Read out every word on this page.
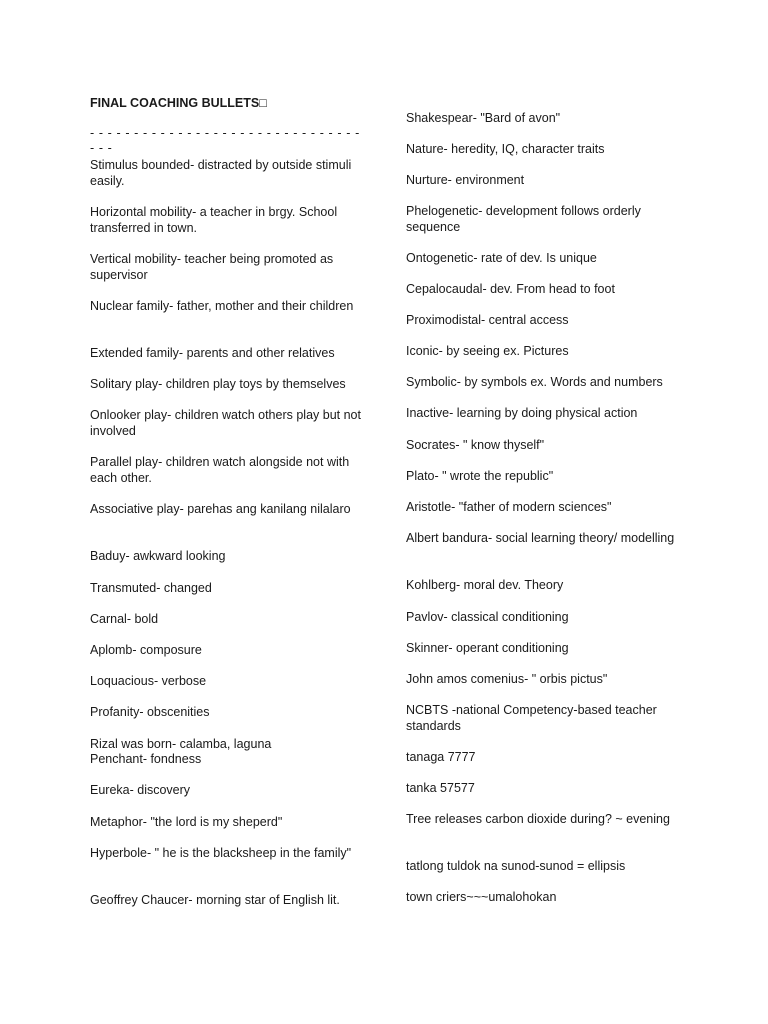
FINAL COACHING BULLETS□
- - - - - - - - - - - - - - - - - - - - - - - - - - - - - - - - - -

Stimulus bounded- distracted by outside stimuli easily.

Horizontal mobility- a teacher in brgy. School transferred in town.

Vertical mobility- teacher being promoted as supervisor

Nuclear family- father, mother and their children

Extended family- parents and other relatives

Solitary play- children play toys by themselves

Onlooker play- children watch others play but not involved

Parallel play- children watch alongside not with each other.

Associative play- parehas ang kanilang nilalaro

Baduy- awkward looking

Transmuted- changed

Carnal- bold

Aplomb- composure

Loquacious- verbose

Profanity- obscenities

Rizal was born- calamba, laguna

Penchant- fondness

Eureka- discovery

Metaphor- "the lord is my sheperd"

Hyperbole- " he is the blacksheep in the family"

Geoffrey Chaucer- morning star of English lit.

Shakespear- "Bard of avon"

Nature- heredity, IQ, character traits

Nurture- environment

Phelogenetic- development follows orderly sequence

Ontogenetic- rate of dev. Is unique

Cepalocaudal- dev. From head to foot

Proximodistal- central access

Iconic- by seeing ex. Pictures

Symbolic- by symbols ex. Words and numbers

Inactive- learning by doing physical action

Socrates- " know thyself"

Plato- " wrote the republic"

Aristotle- "father of modern sciences"

Albert bandura- social learning theory/ modelling

Kohlberg- moral dev. Theory

Pavlov- classical conditioning

Skinner- operant conditioning

John amos comenius- " orbis pictus"

NCBTS -national Competency-based teacher standards

tanaga 7777

tanka 57577

Tree releases carbon dioxide during? ~ evening

tatlong tuldok na sunod-sunod = ellipsis

town criers~~~umalohokan
